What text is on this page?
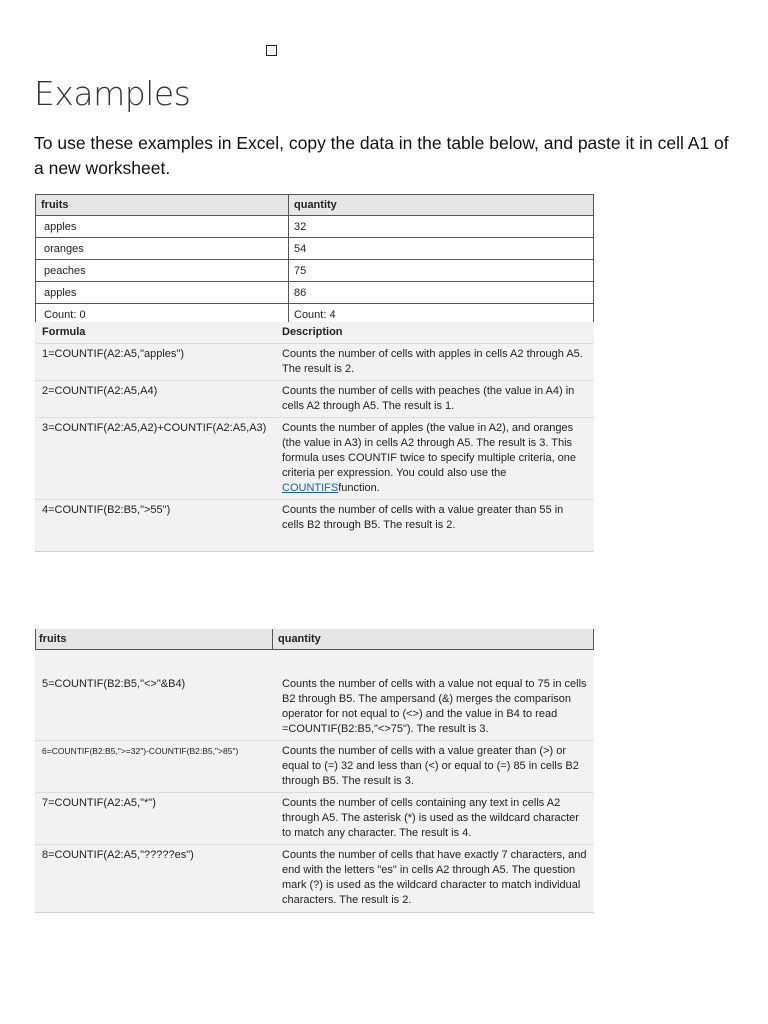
Examples

To use these examples in Excel, copy the data in the table below, and paste it in cell A1 of a new worksheet.

fruits	quantity
apples	32
oranges	54
peaches	75
apples	86
Count: 0	Count: 4
Formula	Description
1=COUNTIF(A2:A5,"apples")	Counts the number of cells with apples in cells A2 through A5. The result is 2.
2=COUNTIF(A2:A5,A4)	Counts the number of cells with peaches (the value in A4) in cells A2 through A5. The result is 1.
3=COUNTIF(A2:A5,A2)+COUNTIF(A2:A5,A3)	Counts the number of apples (the value in A2), and oranges (the value in A3) in cells A2 through A5. The result is 3. This formula uses COUNTIF twice to specify multiple criteria, one criteria per expression. You could also use the COUNTIFSfunction.
4=COUNTIF(B2:B5,">55")	Counts the number of cells with a value greater than 55 in cells B2 through B5. The result is 2.
fruits	quantity
5=COUNTIF(B2:B5,"<>"&B4)	Counts the number of cells with a value not equal to 75 in cells B2 through B5. The ampersand (&) merges the comparison operator for not equal to (<>) and the value in B4 to read =COUNTIF(B2:B5,"<>75"). The result is 3.
6=COUNTIF(B2:B5,">=32")-COUNTIF(B2:B5,">85")	Counts the number of cells with a value greater than (>) or equal to (=) 32 and less than (<) or equal to (=) 85 in cells B2 through B5. The result is 3.
7=COUNTIF(A2:A5,"*")	Counts the number of cells containing any text in cells A2 through A5. The asterisk (*) is used as the wildcard character to match any character. The result is 4.
8=COUNTIF(A2:A5,"?????es")	Counts the number of cells that have exactly 7 characters, and end with the letters "es" in cells A2 through A5. The question mark (?) is used as the wildcard character to match individual characters. The result is 2.
